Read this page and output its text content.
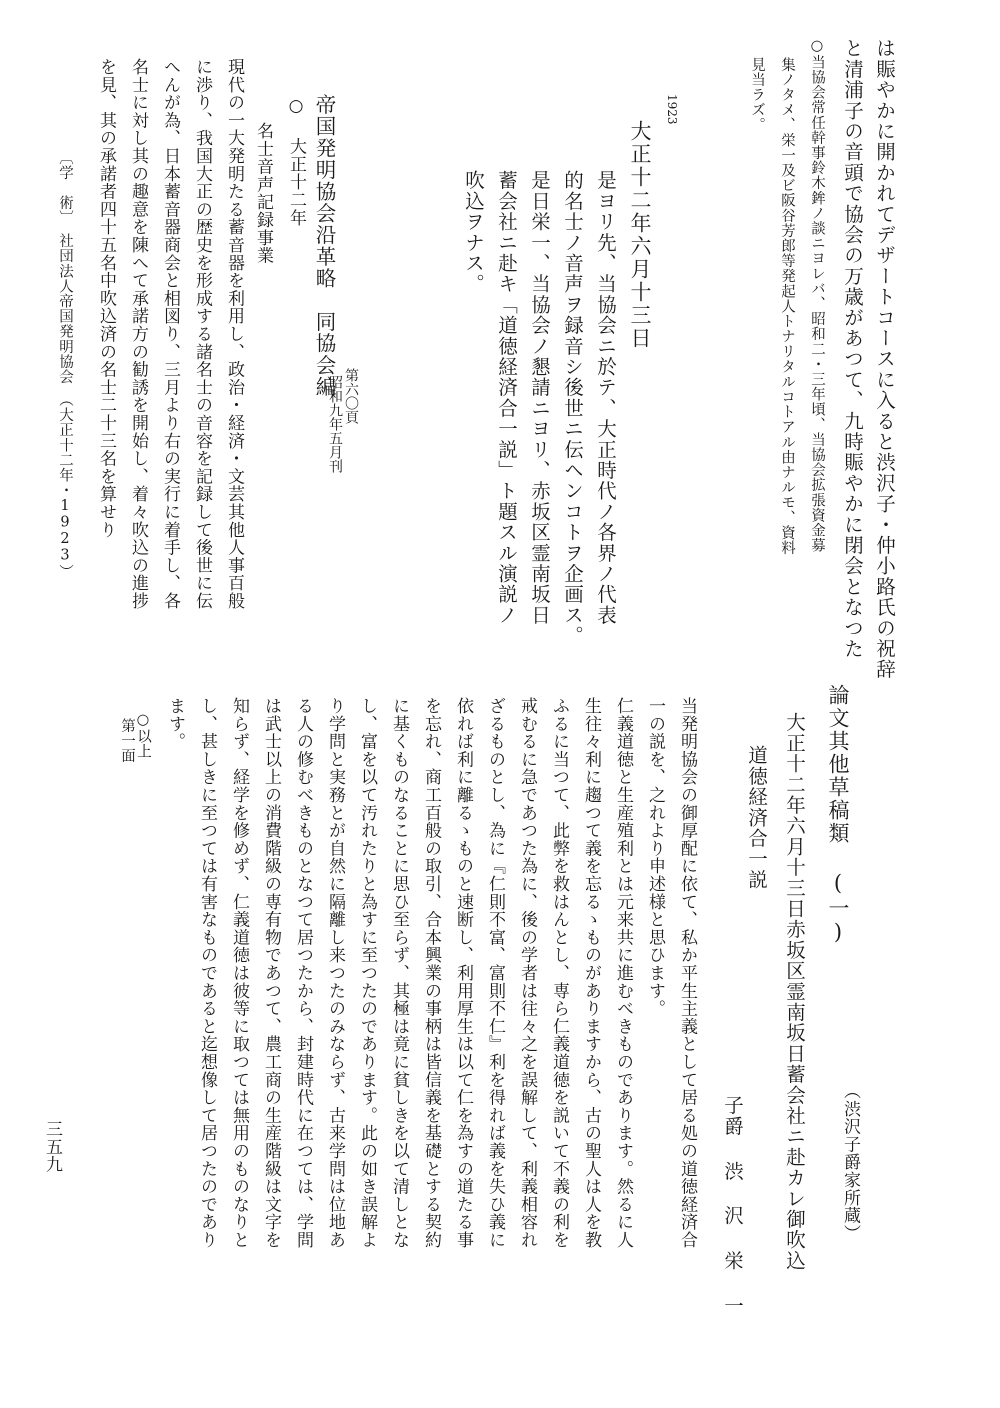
は賑やかに開かれてデザートコースに入ると渋沢子・仲小路氏の祝辞
と清浦子の音頭で協会の万歳があつて、九時賑やかに閉会となつた
○当協会常任幹事鈴木鉾ノ談ニヨレバ、昭和二・三年頃、当協会拡張資金募
集ノタメ、栄一及ビ阪谷芳郎等発起人トナリタルコトアル由ナルモ、資料
見当ラズ。
1923
大正十二年六月十三日
是ヨリ先、当協会ニ於テ、大正時代ノ各界ノ代表
的名士ノ音声ヲ録音シ後世ニ伝ヘンコトヲ企画ス。
是日栄一、当協会ノ懇請ニヨリ、赤坂区霊南坂日
蓄会社ニ赴キ「道徳経済合一説」ト題スル演説ノ
吹込ヲナス。
第六〇頁
昭和九年五月刊
帝国発明協会沿革略　同協会編
○ 大正十二年
名士音声記録事業
現代の一大発明たる蓄音器を利用し、政治・経済・文芸其他人事百般
に渉り、我国大正の歴史を形成する諸名士の音容を記録して後世に伝
へんが為、日本蓄音器商会と相図り、三月より右の実行に着手し、各
名士に対し其の趣意を陳へて承諾方の勧誘を開始し、着々吹込の進捗
を見、其の承諾者四十五名中吹込済の名士二十三名を算せり
〔学　術〕　社団法人帝国発明協会　（大正十二年・1923）
論文其他草稿類 (一)
（渋沢子爵家所蔵）
大正十二年六月十三日赤坂区霊南坂日蓄会社ニ赴カレ御吹込
道徳経済合一説
子爵 渋 沢 栄 一
当発明協会の御厚配に依て、私か平生主義として居る処の道徳経済合
一の説を、之れより申述様と思ひます。
仁義道徳と生産殖利とは元来共に進むべきものであります。然るに人
生往々利に趨つて義を忘るゝものがありますから、古の聖人は人を教
ふるに当つて、此弊を救はんとし、専ら仁義道徳を説いて不義の利を
戒むるに急であつた為に、後の学者は往々之を誤解して、利義相容れ
ざるものとし、為に『仁則不富、富則不仁』利を得れば義を失ひ義に
依れば利に離るゝものと速断し、利用厚生は以て仁を為すの道たる事
を忘れ、商工百般の取引、合本興業の事柄は皆信義を基礎とする契約
に基くものなることに思ひ至らず、其極は竟に貧しきを以て清しとな
し、富を以て汚れたりと為すに至つたのであります。此の如き誤解よ
り学問と実務とが自然に隔離し来つたのみならず、古来学問は位地あ
る人の修むべきものとなつて居つたから、封建時代に在つては、学問
は武士以上の消費階級の専有物であつて、農工商の生産階級は文字を
知らず、経学を修めず、仁義道徳は彼等に取つては無用のものなりと
し、甚しきに至つては有害なものであると迄想像して居つたのであり
ます。
○以上
第一面
三五九
